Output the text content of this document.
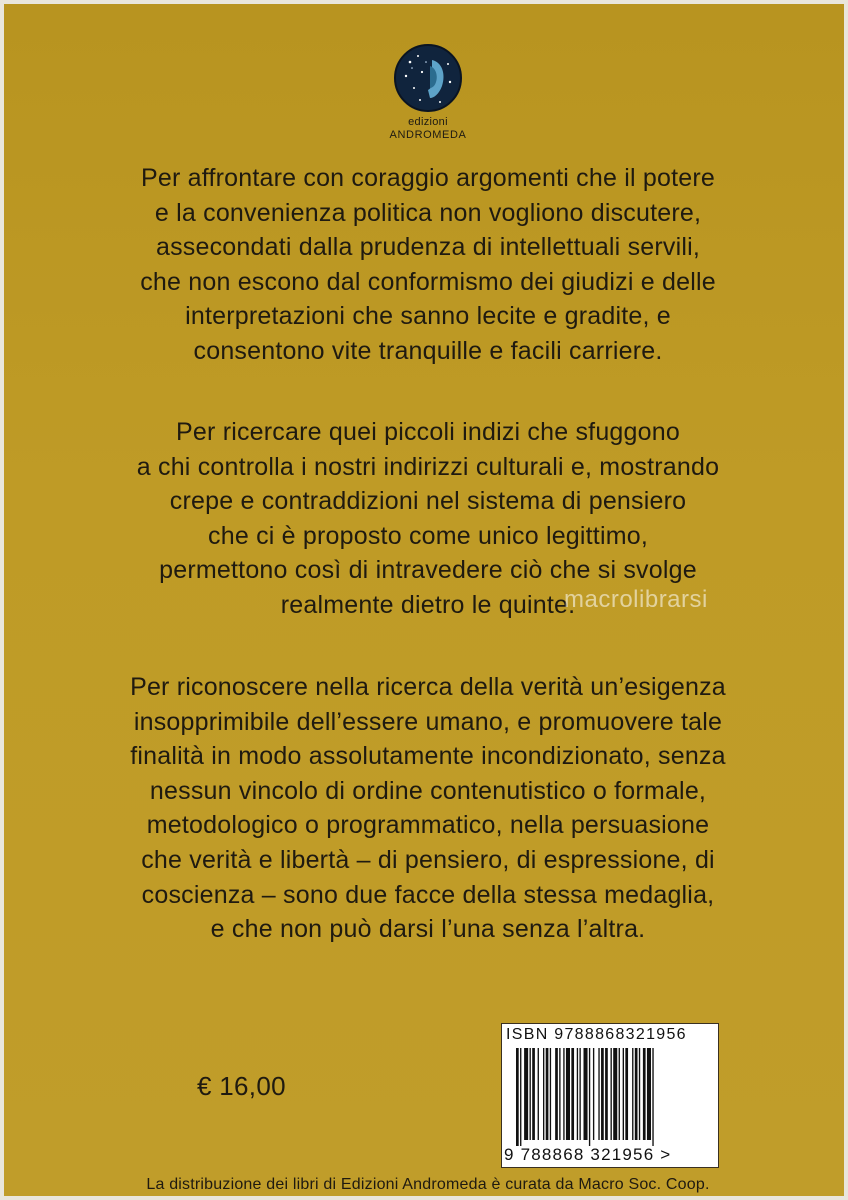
edizioni
ANDROMEDA
Per affrontare con coraggio argomenti che il potere
e la convenienza politica non vogliono discutere,
assecondati dalla prudenza di intellettuali servili,
che non escono dal conformismo dei giudizi e delle
interpretazioni che sanno lecite e gradite, e
consentono vite tranquille e facili carriere.
Per ricercare quei piccoli indizi che sfuggono
a chi controlla i nostri indirizzi culturali e, mostrando
crepe e contraddizioni nel sistema di pensiero
che ci è proposto come unico legittimo,
permettono così di intravedere ciò che si svolge
realmente dietro le quinte.
macrolibrarsi
Per riconoscere nella ricerca della verità un’esigenza
insopprimibile dell’essere umano, e promuovere tale
finalità in modo assolutamente incondizionato, senza
nessun vincolo di ordine contenutistico o formale,
metodologico o programmatico, nella persuasione
che verità e libertà – di pensiero, di espressione, di
coscienza – sono due facce della stessa medaglia,
e che non può darsi l’una senza l’altra.
€ 16,00
ISBN 9788868321956
9 788868 321956 >
La distribuzione dei libri di Edizioni Andromeda è curata da Macro Soc. Coop.
